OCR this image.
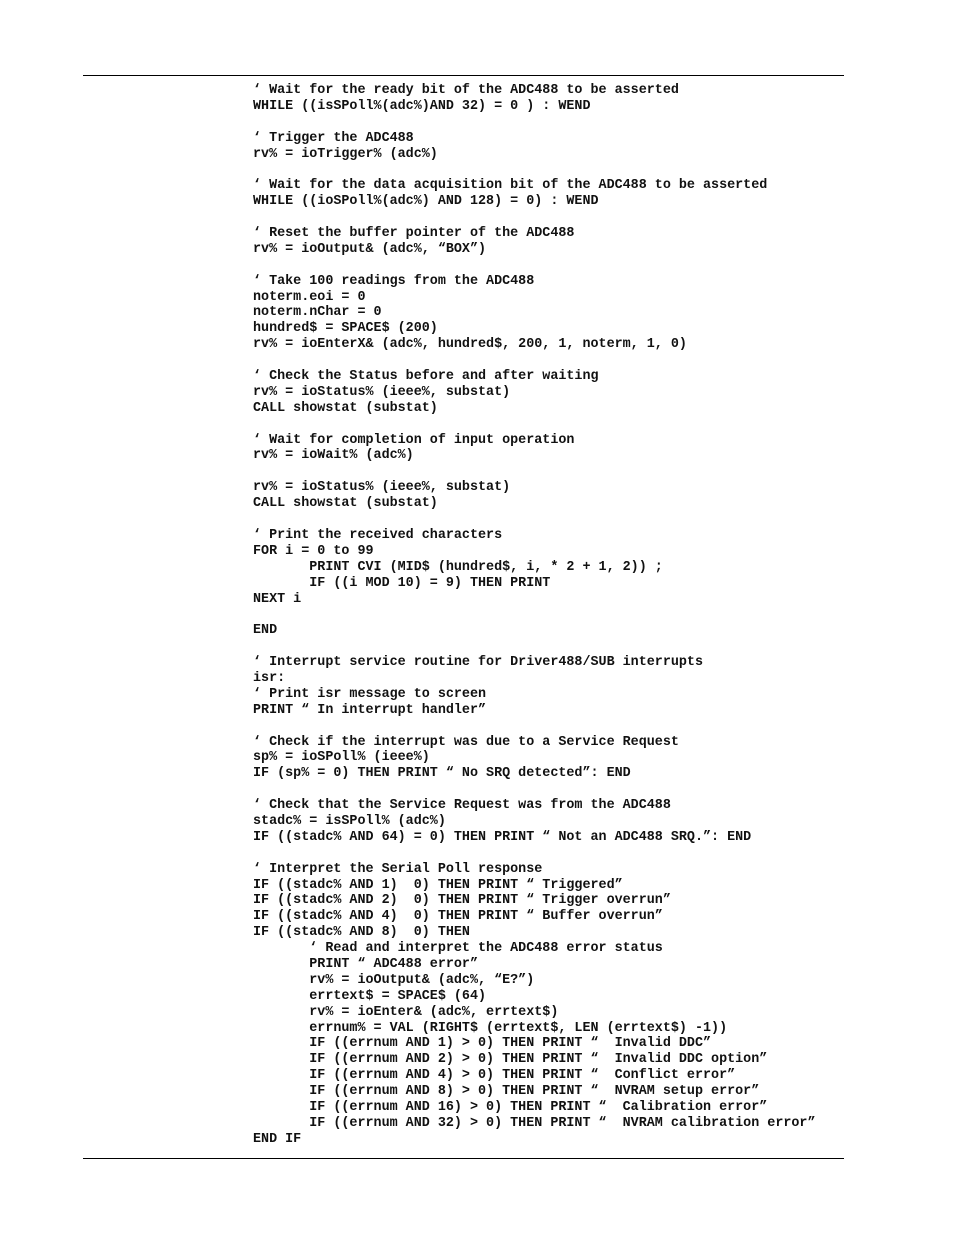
‘ Wait for the ready bit of the ADC488 to be asserted
WHILE ((isSPoll%(adc%)AND 32) = 0 ) : WEND
‘ Trigger the ADC488
rv% = ioTrigger% (adc%)
‘ Wait for the data acquisition bit of the ADC488 to be asserted
WHILE ((ioSPoll%(adc%) AND 128) = 0) : WEND
‘ Reset the buffer pointer of the ADC488
rv% = ioOutput& (adc%, “BOX”)
‘ Take 100 readings from the ADC488
noterm.eoi = 0
noterm.nChar = 0
hundred$ = SPACE$ (200)
rv% = ioEnterX& (adc%, hundred$, 200, 1, noterm, 1, 0)
‘ Check the Status before and after waiting
rv% = ioStatus% (ieee%, substat)
CALL showstat (substat)
‘ Wait for completion of input operation
rv% = ioWait% (adc%)
rv% = ioStatus% (ieee%, substat)
CALL showstat (substat)
‘ Print the received characters
FOR i = 0 to 99
PRINT CVI (MID$ (hundred$, i, * 2 + 1, 2)) ;
IF ((i MOD 10) = 9) THEN PRINT
NEXT i
END
‘ Interrupt service routine for Driver488/SUB interrupts
isr:
‘ Print isr message to screen
PRINT “ In interrupt handler”
‘ Check if the interrupt was due to a Service Request
sp% = ioSPoll% (ieee%)
IF (sp% = 0) THEN PRINT “ No SRQ detected”: END
‘ Check that the Service Request was from the ADC488
stadc% = isSPoll% (adc%)
IF ((stadc% AND 64) = 0) THEN PRINT “ Not an ADC488 SRQ.”: END
‘ Interpret the Serial Poll response
IF ((stadc% AND 1)  0) THEN PRINT “ Triggered”
IF ((stadc% AND 2)  0) THEN PRINT “ Trigger overrun”
IF ((stadc% AND 4)  0) THEN PRINT “ Buffer overrun”
IF ((stadc% AND 8)  0) THEN
‘ Read and interpret the ADC488 error status
PRINT “ ADC488 error”
rv% = ioOutput& (adc%, “E?”)
errtext$ = SPACE$ (64)
rv% = ioEnter& (adc%, errtext$)
errnum% = VAL (RIGHT$ (errtext$, LEN (errtext$) -1))
IF ((errnum AND 1) > 0) THEN PRINT “  Invalid DDC”
IF ((errnum AND 2) > 0) THEN PRINT “  Invalid DDC option”
IF ((errnum AND 4) > 0) THEN PRINT “  Conflict error”
IF ((errnum AND 8) > 0) THEN PRINT “  NVRAM setup error”
IF ((errnum AND 16) > 0) THEN PRINT “  Calibration error”
IF ((errnum AND 32) > 0) THEN PRINT “  NVRAM calibration error”
END IF
